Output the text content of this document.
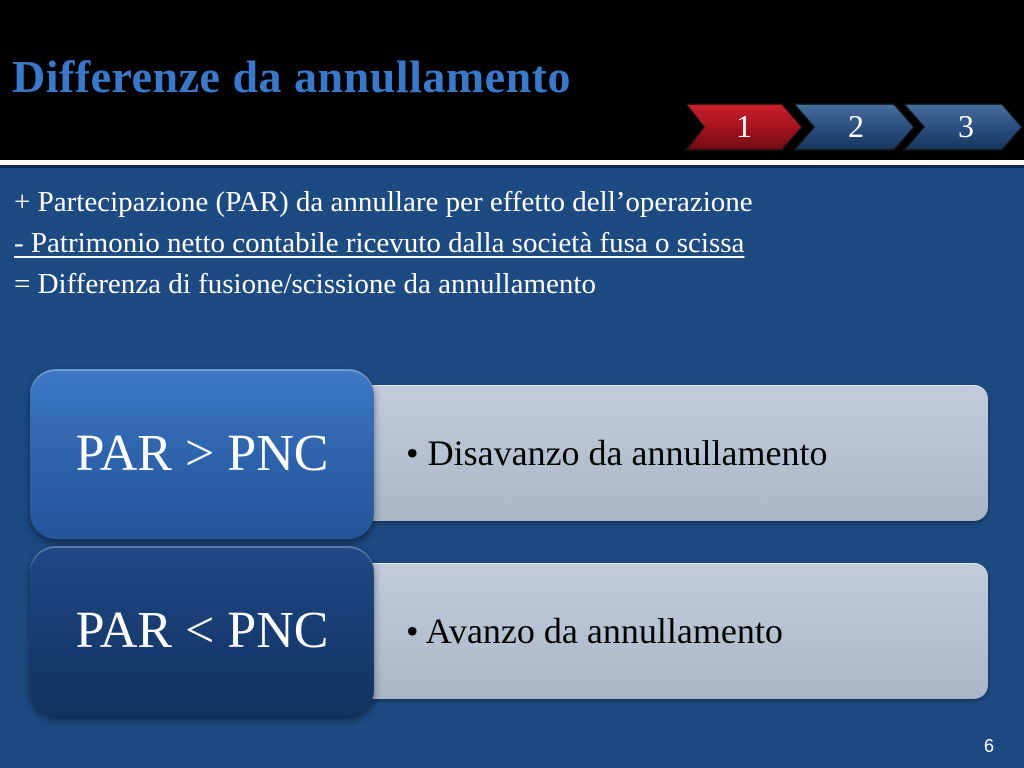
Differenze da annullamento
1	2	3
+ Partecipazione (PAR) da annullare per effetto dell’operazione
- Patrimonio netto contabile ricevuto dalla società fusa o scissa
= Differenza di fusione/scissione da annullamento
• Disavanzo da annullamento
PAR > PNC
• Avanzo da annullamento
PAR < PNC
6
